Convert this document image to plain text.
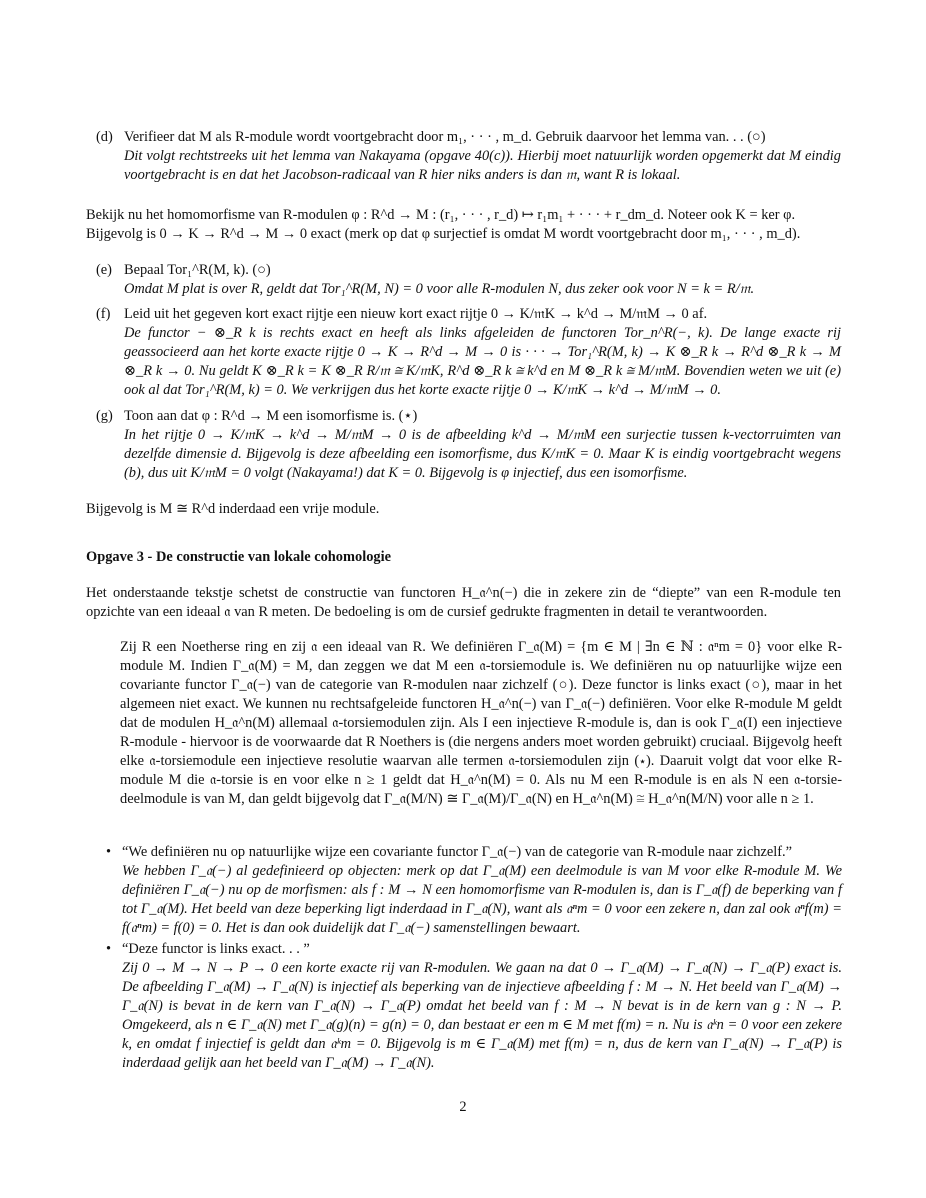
(d) Verifieer dat M als R-module wordt voortgebracht door m₁, · · · , m_d. Gebruik daarvoor het lemma van. . . (○)

Dit volgt rechtstreeks uit het lemma van Nakayama (opgave 40(c)). Hierbij moet natuurlijk worden opgemerkt dat M eindig voortgebracht is en dat het Jacobson-radicaal van R hier niks anders is dan 𝔪, want R is lokaal.

Bekijk nu het homomorfisme van R-modulen φ : R^d → M : (r₁, · · · , r_d) ↦ r₁m₁ + · · · + r_dm_d. Noteer ook K = ker φ.

Bijgevolg is 0 → K → R^d → M → 0 exact (merk op dat φ surjectief is omdat M wordt voortgebracht door m₁, · · · , m_d).

(e) Bepaal Tor₁^R(M, k). (○)

Omdat M plat is over R, geldt dat Tor₁^R(M, N) = 0 voor alle R-modulen N, dus zeker ook voor N = k = R/𝔪.

(f) Leid uit het gegeven kort exact rijtje een nieuw kort exact rijtje 0 → K/𝔪K → k^d → M/𝔪M → 0 af.

De functor − ⊗_R k is rechts exact en heeft als links afgeleiden de functoren Tor_n^R(−, k). De lange exacte rij geassocieerd aan het korte exacte rijtje 0 → K → R^d → M → 0 is · · · → Tor₁^R(M, k) → K ⊗_R k → R^d ⊗_R k → M ⊗_R k → 0. Nu geldt K ⊗_R k = K ⊗_R R/𝔪 ≅ K/𝔪K, R^d ⊗_R k ≅ k^d en M ⊗_R k ≅ M/𝔪M. Bovendien weten we uit (e) ook al dat Tor₁^R(M, k) = 0. We verkrijgen dus het korte exacte rijtje 0 → K/𝔪K → k^d → M/𝔪M → 0.

(g) Toon aan dat φ : R^d → M een isomorfisme is. (⋆)

In het rijtje 0 → K/𝔪K → k^d → M/𝔪M → 0 is de afbeelding k^d → M/𝔪M een surjectie tussen k-vectorruimten van dezelfde dimensie d. Bijgevolg is deze afbeelding een isomorfisme, dus K/𝔪K = 0. Maar K is eindig voortgebracht wegens (b), dus uit K/𝔪M = 0 volgt (Nakayama!) dat K = 0. Bijgevolg is φ injectief, dus een isomorfisme.

Bijgevolg is M ≅ R^d inderdaad een vrije module.

Opgave 3 - De constructie van lokale cohomologie

Het onderstaande tekstje schetst de constructie van functoren H_𝔞^n(−) die in zekere zin de “diepte” van een R-module ten opzichte van een ideaal 𝔞 van R meten. De bedoeling is om de cursief gedrukte fragmenten in detail te verantwoorden.

Zij R een Noetherse ring en zij 𝔞 een ideaal van R. We definiëren Γ_𝔞(M) = {m ∈ M | ∃n ∈ ℕ : 𝔞ⁿm = 0} voor elke R-module M. Indien Γ_𝔞(M) = M, dan zeggen we dat M een 𝔞-torsiemodule is. We definiëren nu op natuurlijke wijze een covariante functor Γ_𝔞(−) van de categorie van R-modulen naar zichzelf (○). Deze functor is links exact (○), maar in het algemeen niet exact. We kunnen nu rechtsafgeleide functoren H_𝔞^n(−) van Γ_𝔞(−) definiëren. Voor elke R-module M geldt dat de modulen H_𝔞^n(M) allemaal 𝔞-torsiemodulen zijn. Als I een injectieve R-module is, dan is ook Γ_𝔞(I) een injectieve R-module - hiervoor is de voorwaarde dat R Noethers is (die nergens anders moet worden gebruikt) cruciaal. Bijgevolg heeft elke 𝔞-torsiemodule een injectieve resolutie waarvan alle termen 𝔞-torsiemodulen zijn (⋆). Daaruit volgt dat voor elke R-module M die 𝔞-torsie is en voor elke n ≥ 1 geldt dat H_𝔞^n(M) = 0. Als nu M een R-module is en als N een 𝔞-torsie-deelmodule is van M, dan geldt bijgevolg dat Γ_𝔞(M/N) ≅ Γ_𝔞(M)/Γ_𝔞(N) en H_𝔞^n(M) ≅ H_𝔞^n(M/N) voor alle n ≥ 1.

• “We definiëren nu op natuurlijke wijze een covariante functor Γ_𝔞(−) van de categorie van R-module naar zichzelf.”

We hebben Γ_𝔞(−) al gedefinieerd op objecten: merk op dat Γ_𝔞(M) een deelmodule is van M voor elke R-module M. We definiëren Γ_𝔞(−) nu op de morfismen: als f : M → N een homomorfisme van R-modulen is, dan is Γ_𝔞(f) de beperking van f tot Γ_𝔞(M). Het beeld van deze beperking ligt inderdaad in Γ_𝔞(N), want als 𝔞ⁿm = 0 voor een zekere n, dan zal ook 𝔞ⁿf(m) = f(𝔞ⁿm) = f(0) = 0. Het is dan ook duidelijk dat Γ_𝔞(−) samenstellingen bewaart.

• “Deze functor is links exact. . . ”

Zij 0 → M → N → P → 0 een korte exacte rij van R-modulen. We gaan na dat 0 → Γ_𝔞(M) → Γ_𝔞(N) → Γ_𝔞(P) exact is. De afbeelding Γ_𝔞(M) → Γ_𝔞(N) is injectief als beperking van de injectieve afbeelding f : M → N. Het beeld van Γ_𝔞(M) → Γ_𝔞(N) is bevat in de kern van Γ_𝔞(N) → Γ_𝔞(P) omdat het beeld van f : M → N bevat is in de kern van g : N → P. Omgekeerd, als n ∈ Γ_𝔞(N) met Γ_𝔞(g)(n) = g(n) = 0, dan bestaat er een m ∈ M met f(m) = n. Nu is 𝔞ᵏn = 0 voor een zekere k, en omdat f injectief is geldt dan 𝔞ᵏm = 0. Bijgevolg is m ∈ Γ_𝔞(M) met f(m) = n, dus de kern van Γ_𝔞(N) → Γ_𝔞(P) is inderdaad gelijk aan het beeld van Γ_𝔞(M) → Γ_𝔞(N).

2
